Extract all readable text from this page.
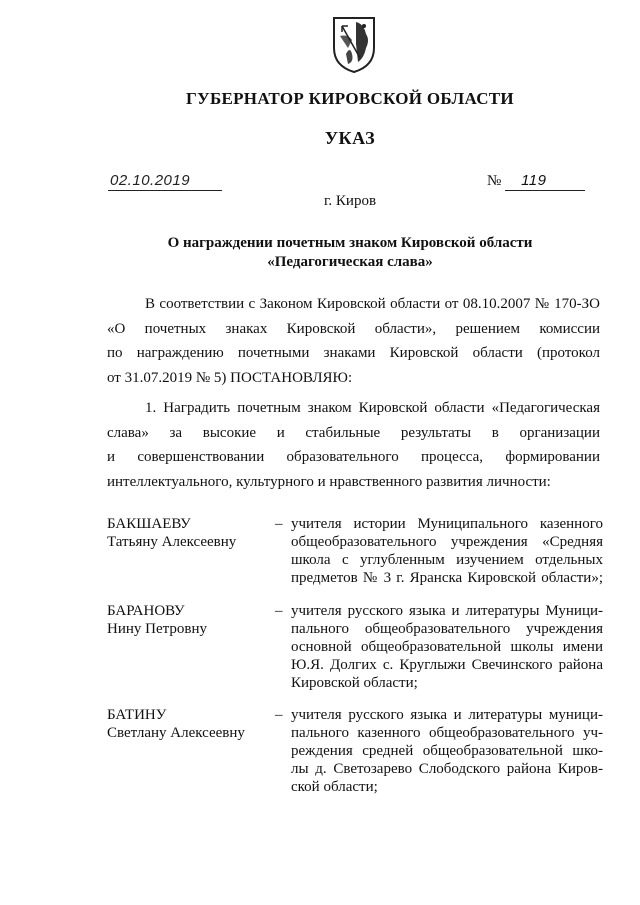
ГУБЕРНАТОР КИРОВСКОЙ ОБЛАСТИ
УКАЗ
02.10.2019	№ 119
г. Киров
О награждении почетным знаком Кировской области
«Педагогическая слава»
В соответствии с Законом Кировской области от 08.10.2007 № 170-ЗО
«О почетных знаках Кировской области», решением комиссии
по награждению почетными знаками Кировской области (протокол
от 31.07.2019 № 5) ПОСТАНОВЛЯЮ:
1. Наградить почетным знаком Кировской области «Педагогическая
слава» за высокие и стабильные результаты в организации
и совершенствовании образовательного процесса, формировании
интеллектуального, культурного и нравственного развития личности:
БАКШАЕВУ
Татьяну Алексеевну
– учителя истории Муниципального казенного
общеобразовательного учреждения «Средняя
школа с углубленным изучением отдельных
предметов № 3 г. Яранска Кировской области»;
БАРАНОВУ
Нину Петровну
– учителя русского языка и литературы Муници-
пального общеобразовательного учреждения
основной общеобразовательной школы имени
Ю.Я. Долгих с. Круглыжи Свечинского района
Кировской области;
БАТИНУ
Светлану Алексеевну
– учителя русского языка и литературы муници-
пального казенного общеобразовательного уч-
реждения средней общеобразовательной шко-
лы д. Светозарево Слободского района Киров-
ской области;
